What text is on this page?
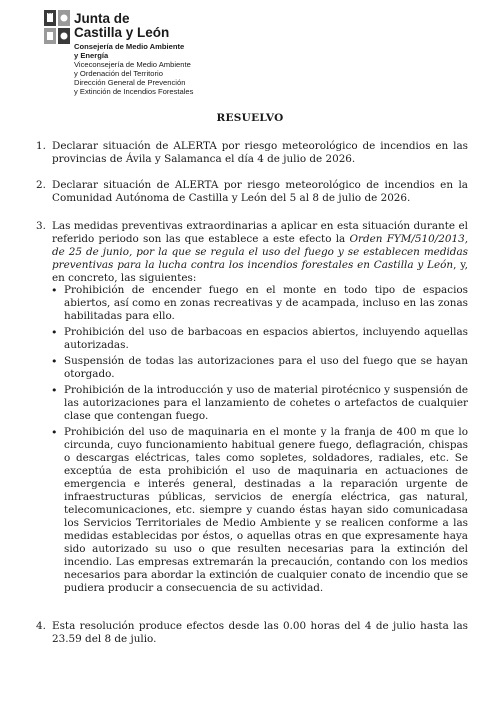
Junta de
Castilla y León
Consejería de Medio Ambiente
y Energía
Viceconsejería de Medio Ambiente
y Ordenación del Territorio
Dirección General de Prevención
y Extinción de Incendios Forestales
RESUELVO
1. Declarar situación de ALERTA por riesgo meteorológico de incendios en las provincias de Ávila y Salamanca el día 4 de julio de 2026.
2. Declarar situación de ALERTA por riesgo meteorológico de incendios en la Comunidad Autónoma de Castilla y León del 5 al 8 de julio de 2026.
3. Las medidas preventivas extraordinarias a aplicar en esta situación durante el referido periodo son las que establece a este efecto la Orden FYM/510/2013, de 25 de junio, por la que se regula el uso del fuego y se establecen medidas preventivas para la lucha contra los incendios forestales en Castilla y León, y, en concreto, las siguientes:
• Prohibición de encender fuego en el monte en todo tipo de espacios abiertos, así como en zonas recreativas y de acampada, incluso en las zonas habilitadas para ello.
• Prohibición del uso de barbacoas en espacios abiertos, incluyendo aquellas autorizadas.
• Suspensión de todas las autorizaciones para el uso del fuego que se hayan otorgado.
• Prohibición de la introducción y uso de material pirotécnico y suspensión de las autorizaciones para el lanzamiento de cohetes o artefactos de cualquier clase que contengan fuego.
• Prohibición del uso de maquinaria en el monte y la franja de 400 m que lo circunda, cuyo funcionamiento habitual genere fuego, deflagración, chispas o descargas eléctricas, tales como sopletes, soldadores, radiales, etc. Se exceptúa de esta prohibición el uso de maquinaria en actuaciones de emergencia e interés general, destinadas a la reparación urgente de infraestructuras públicas, servicios de energía eléctrica, gas natural, telecomunicaciones, etc. siempre y cuando éstas hayan sido comunicadasa los Servicios Territoriales de Medio Ambiente y se realicen conforme a las medidas establecidas por éstos, o aquellas otras en que expresamente haya sido autorizado su uso o que resulten necesarias para la extinción del incendio. Las empresas extremarán la precaución, contando con los medios necesarios para abordar la extinción de cualquier conato de incendio que se pudiera producir a consecuencia de su actividad.
4. Esta resolución produce efectos desde las 0.00 horas del 4 de julio hasta las 23.59 del 8 de julio.
